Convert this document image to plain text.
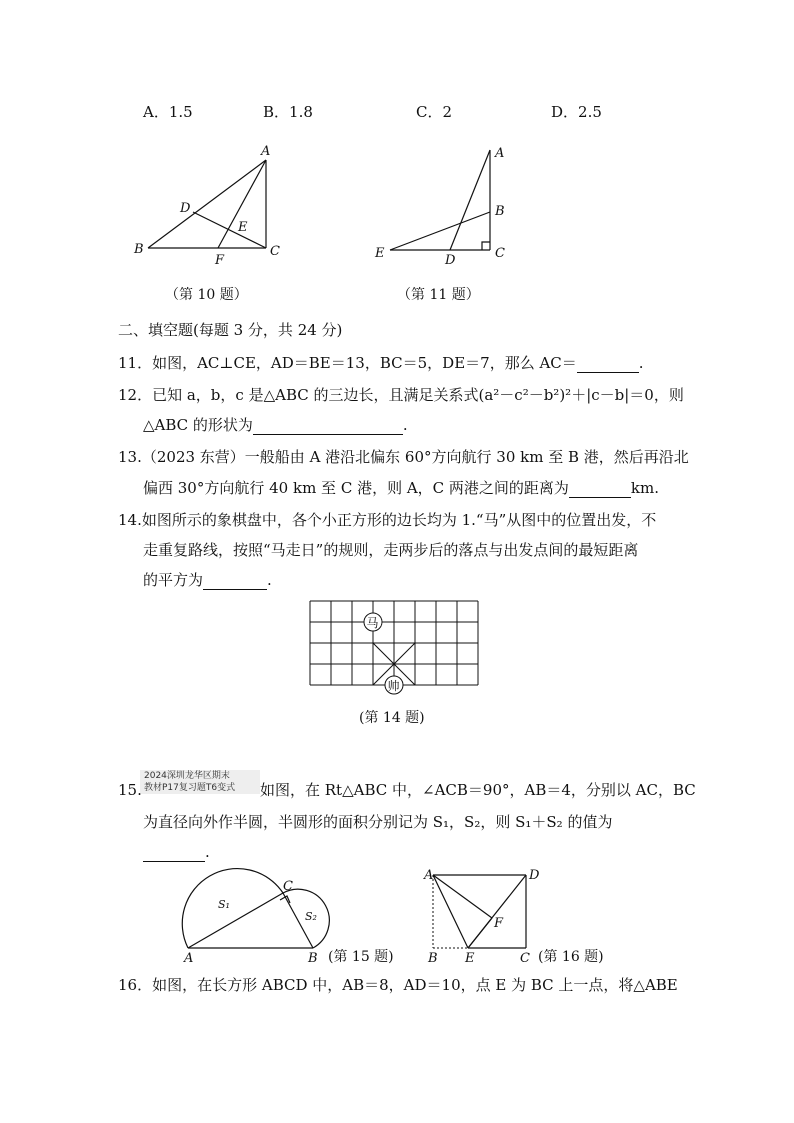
A．1.5	B．1.8	C．2	D．2.5
A
B	C
D
E
F
（第 10 题）
A
B
C
D
E
（第 11 题）
二、填空题(每题 3 分，共 24 分)
11．如图，AC⊥CE，AD＝BE＝13，BC＝5，DE＝7，那么 AC＝	.
12．已知 a，b，c 是△ABC 的三边长，且满足关系式(a²－c²－b²)²＋|c－b|＝0，则
△ABC 的形状为	.
13.（2023 东营）一般船由 A 港沿北偏东 60°方向航行 30 km 至 B 港，然后再沿北
偏西 30°方向航行 40 km 至 C 港，则 A，C 两港之间的距离为	km.
14.如图所示的象棋盘中，各个小正方形的边长均为 1.“马”从图中的位置出发，不
走重复路线，按照“马走日”的规则，走两步后的落点与出发点间的最短距离
的平方为	.
马
帅
(第 14 题)
2024深圳龙华区期末
教材P17复习题T6变式
15.	如图，在 Rt△ABC 中，∠ACB＝90°，AB＝4，分别以 AC，BC
为直径向外作半圆，半圆形的面积分别记为 S₁，S₂，则 S₁＋S₂ 的值为
.
A	B
C
S₁
S₂
(第 15 题)
A
B	C
D
E
F
(第 16 题)
16．如图，在长方形 ABCD 中，AB＝8，AD＝10，点 E 为 BC 上一点，将△ABE
